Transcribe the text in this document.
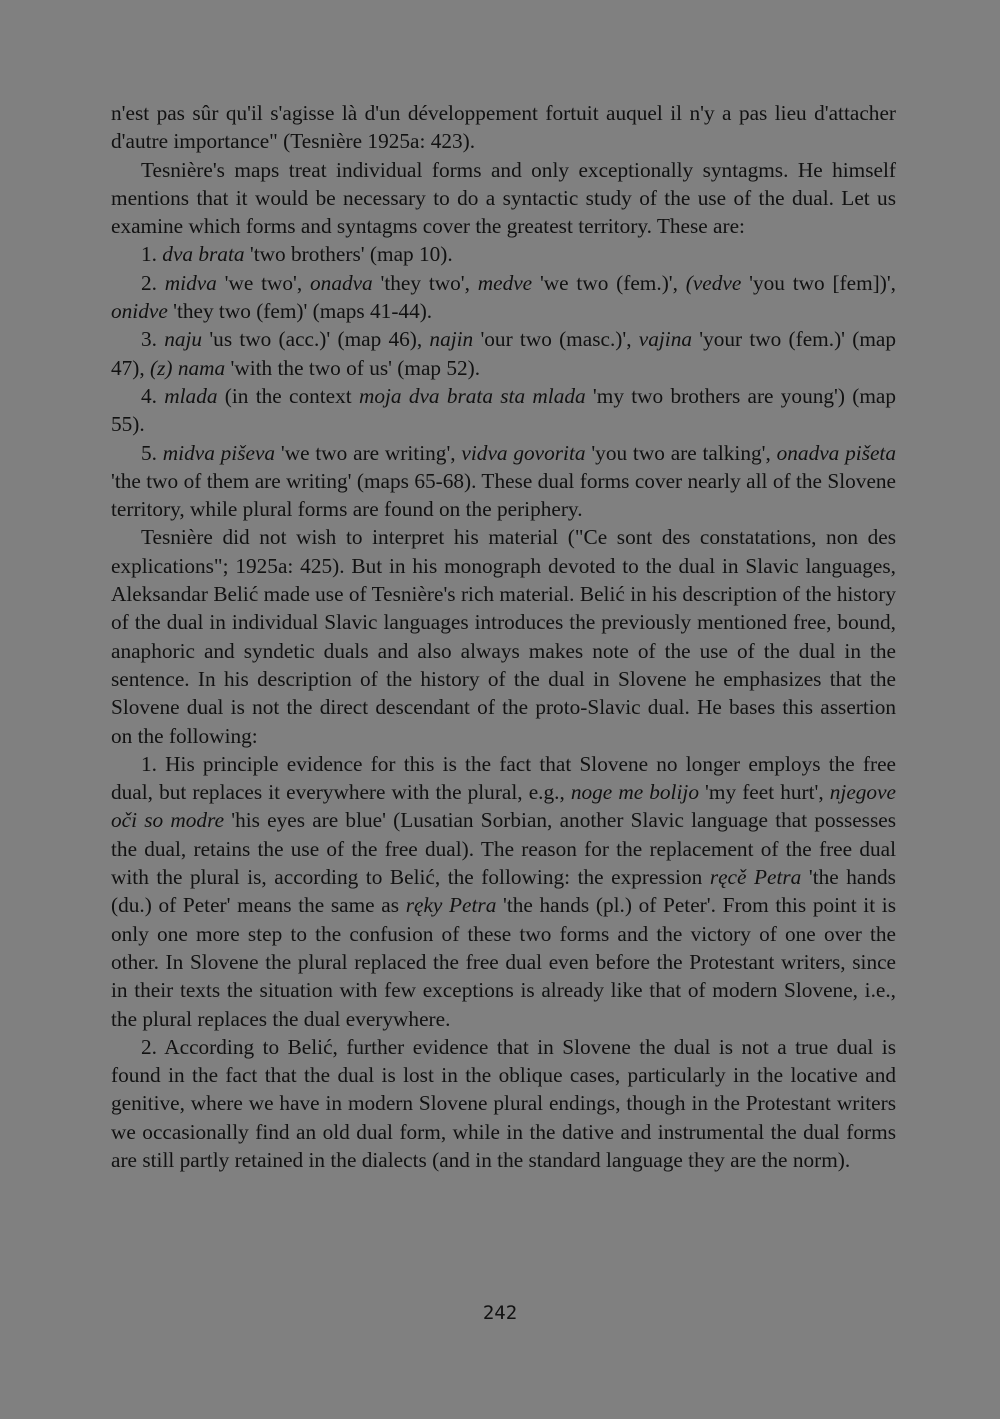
n'est pas sûr qu'il s'agisse là d'un développement fortuit auquel il n'y a pas lieu d'attacher d'autre importance" (Tesnière 1925a: 423).

Tesnière's maps treat individual forms and only exceptionally syntagms. He himself mentions that it would be necessary to do a syntactic study of the use of the dual. Let us examine which forms and syntagms cover the greatest territory. These are:

1. dva brata 'two brothers' (map 10).

2. midva 'we two', onadva 'they two', medve 'we two (fem.)', (vedve 'you two [fem])', onidve 'they two (fem)' (maps 41-44).

3. naju 'us two (acc.)' (map 46), najin 'our two (masc.)', vajina 'your two (fem.)' (map 47), (z) nama 'with the two of us' (map 52).

4. mlada (in the context moja dva brata sta mlada 'my two brothers are young') (map 55).

5. midva piševa 'we two are writing', vidva govorita 'you two are talking', onadva pišeta 'the two of them are writing' (maps 65-68). These dual forms cover nearly all of the Slovene territory, while plural forms are found on the periphery.

Tesnière did not wish to interpret his material ("Ce sont des constatations, non des explications"; 1925a: 425). But in his monograph devoted to the dual in Slavic languages, Aleksandar Belić made use of Tesnière's rich material. Belić in his description of the history of the dual in individual Slavic languages introduces the previously mentioned free, bound, anaphoric and syndetic duals and also always makes note of the use of the dual in the sentence. In his description of the history of the dual in Slovene he emphasizes that the Slovene dual is not the direct descendant of the proto-Slavic dual. He bases this assertion on the following:

1. His principle evidence for this is the fact that Slovene no longer employs the free dual, but replaces it everywhere with the plural, e.g., noge me bolijo 'my feet hurt', njegove oči so modre 'his eyes are blue' (Lusatian Sorbian, another Slavic language that possesses the dual, retains the use of the free dual). The reason for the replacement of the free dual with the plural is, according to Belić, the following: the expression ręcě Petra 'the hands (du.) of Peter' means the same as ręky Petra 'the hands (pl.) of Peter'. From this point it is only one more step to the confusion of these two forms and the victory of one over the other. In Slovene the plural replaced the free dual even before the Protestant writers, since in their texts the situation with few exceptions is already like that of modern Slovene, i.e., the plural replaces the dual everywhere.

2. According to Belić, further evidence that in Slovene the dual is not a true dual is found in the fact that the dual is lost in the oblique cases, particularly in the locative and genitive, where we have in modern Slovene plural endings, though in the Protestant writers we occasionally find an old dual form, while in the dative and instrumental the dual forms are still partly retained in the dialects (and in the standard language they are the norm).

242
